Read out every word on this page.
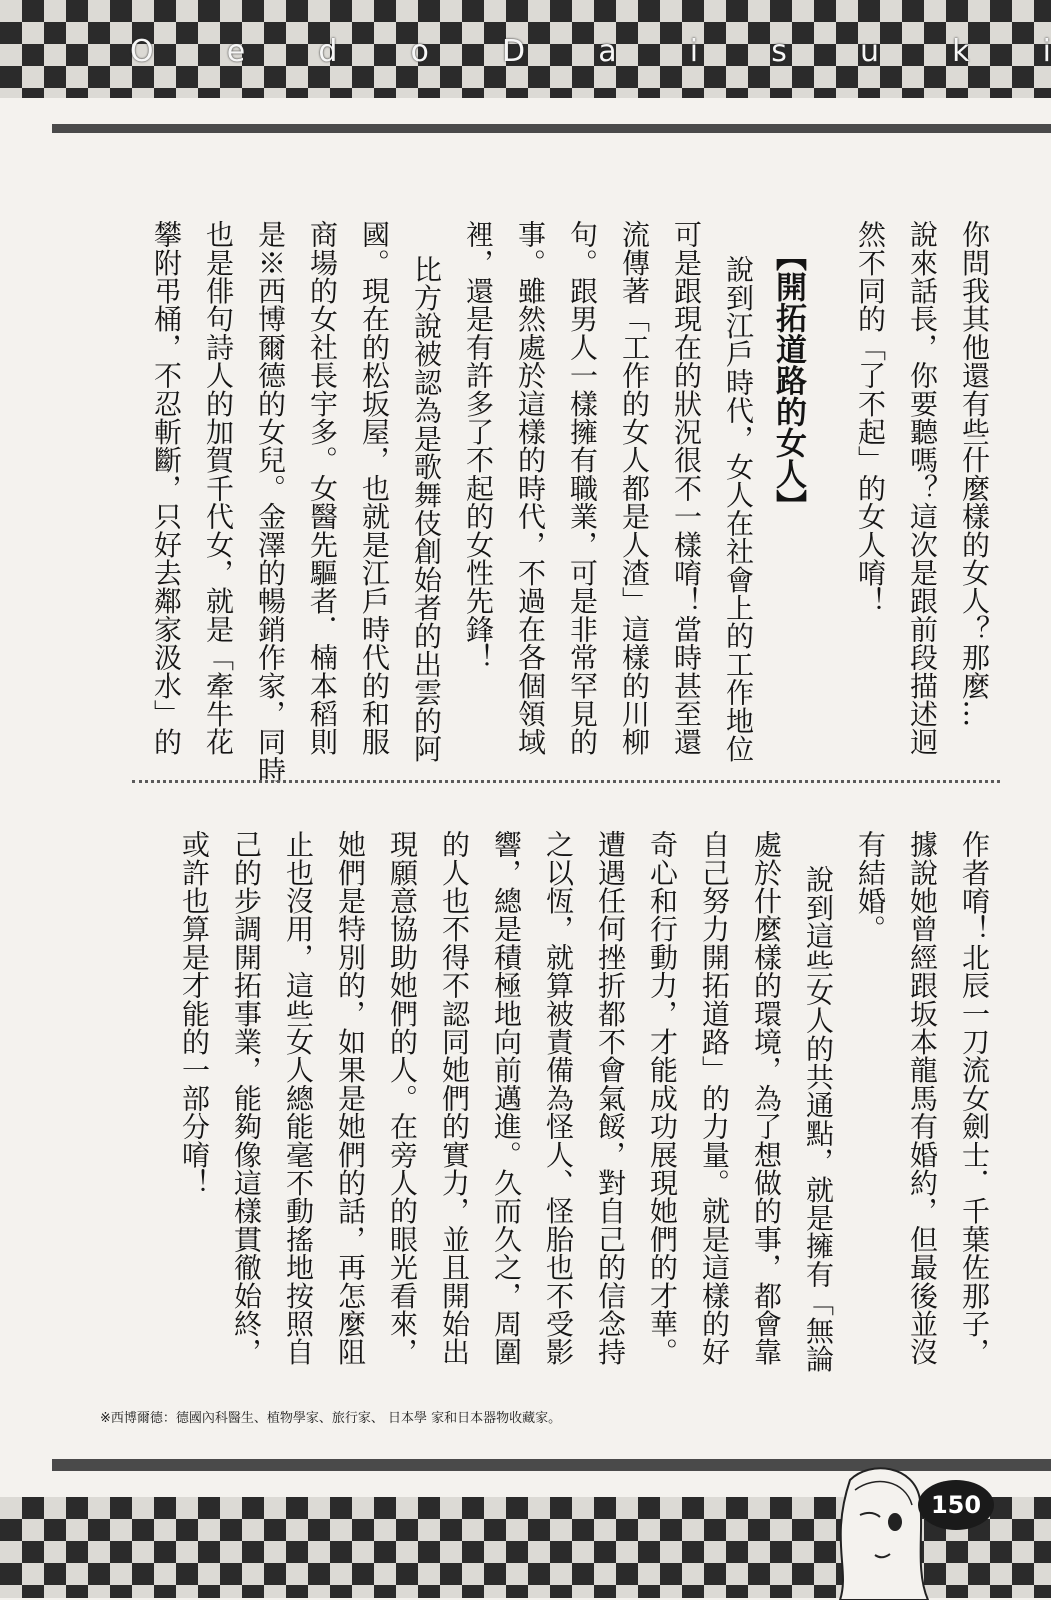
O e d o D a i s u k i
你問我其他還有些什麼樣的女人？那麼…
說來話長，你要聽嗎？這次是跟前段描述迥
然不同的「了不起」的女人唷！
【開拓道路的女人】
說到江戶時代，女人在社會上的工作地位
可是跟現在的狀況很不一樣唷！當時甚至還
流傳著「工作的女人都是人渣」這樣的川柳
句。跟男人一樣擁有職業，可是非常罕見的
事。雖然處於這樣的時代，不過在各個領域
裡，還是有許多了不起的女性先鋒！
比方說被認為是歌舞伎創始者的出雲的阿
國。現在的松坂屋，也就是江戶時代的和服
商場的女社長宇多。女醫先驅者．楠本稻則
是※西博爾德的女兒。金澤的暢銷作家，同時
也是俳句詩人的加賀千代女，就是「牽牛花
攀附弔桶，不忍斬斷，只好去鄰家汲水」的
作者唷！北辰一刀流女劍士．千葉佐那子，
據說她曾經跟坂本龍馬有婚約，但最後並沒
有結婚。
說到這些女人的共通點，就是擁有「無論
處於什麼樣的環境，為了想做的事，都會靠
自己努力開拓道路」的力量。就是這樣的好
奇心和行動力，才能成功展現她們的才華。
遭遇任何挫折都不會氣餒，對自己的信念持
之以恆，就算被責備為怪人、怪胎也不受影
響，總是積極地向前邁進。久而久之，周圍
的人也不得不認同她們的實力，並且開始出
現願意協助她們的人。在旁人的眼光看來，
她們是特別的，如果是她們的話，再怎麼阻
止也沒用，這些女人總能毫不動搖地按照自
己的步調開拓事業，能夠像這樣貫徹始終，
或許也算是才能的一部分唷！
※西博爾德：德國內科醫生、植物學家、旅行家、 日本學 家和日本器物收藏家。
150
